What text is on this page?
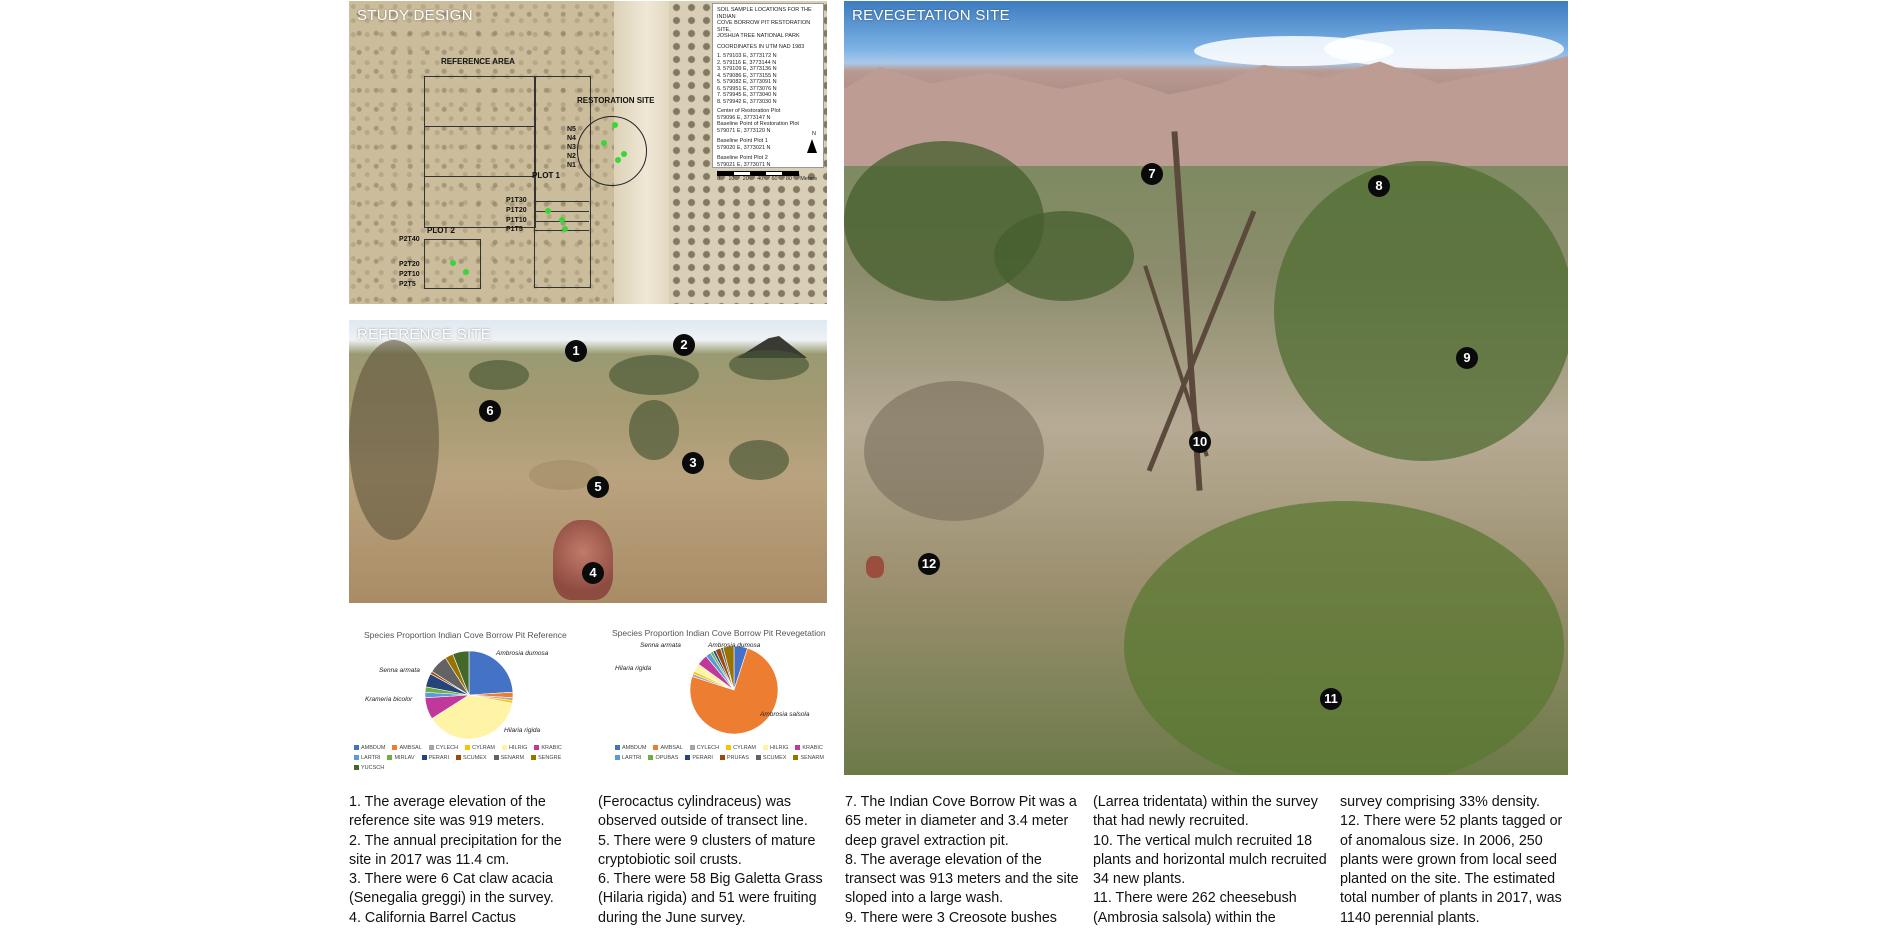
STUDY DESIGN
REFERENCE AREA
RESTORATION SITE
N5
N4
N3
N2
N1
PLOT 1
PLOT 2
P1T30
P1T20
P1T10
P1T5
P2T40
P2T20
P2T10
P2T5
SOIL SAMPLE LOCATIONS FOR THE INDIAN
COVE BORROW PIT RESTORATION SITE,
JOSHUA TREE NATIONAL PARK
COORDINATES IN UTM NAD 1983
1. 579103 E, 3773172 N
2. 579116 E, 3773144 N
3. 579109 E, 3773136 N
4. 579086 E, 3773155 N
5. 579082 E, 3773091 N
6. 579951 E, 3773076 N
7. 579945 E, 3773040 N
8. 579942 E, 3773030 N
Center of Restoration Plot
579096 E, 3773147 N
Baseline Point of Restoration Plot
579071 E, 3773120 N
Baseline Point Plot 1
579020 E, 3773021 N
Baseline Point Plot 2
579021 E, 3773071 N
0 10 20 40 60 80 Meters
N
REFERENCE SITE
1	2
3
4
5
6
Species Proportion Indian Cove Borrow Pit Reference
Ambrosia dumosa
Senna armata
Krameria bicolor
Hilaria rigida
AMBDUM	AMBSAL	CYLECH	CYLRAM	HILRIG	KRABICLARTRI	MIRLAV	PERARI	SCUMEX	SENARM	SENGREYUCSCH
Species Proportion Indian Cove Borrow Pit Revegetation
Senna armata	Ambrosia dumosa
Hilaria rigida
Ambrosia salsola
AMBDUM	AMBSAL	CYLECH	CYLRAM	HILRIG	KRABICLARTRI	OPUBAS	PERARI	PRUFAS	SCUMEX	SENARM
REVEGETATION SITE
7
8
9
10
11
12

1. The average elevation of the reference site was 919 meters.

2. The annual precipitation for the site in 2017 was 11.4 cm.

3. There were 6 Cat claw acacia (Senegalia greggi) in the survey.

4. California Barrel Cactus

(Ferocactus cylindraceus) was observed outside of transect line.

5. There were 9 clusters of mature cryptobiotic soil crusts.

6. There were 58 Big Galetta Grass (Hilaria rigida) and 51 were fruiting during the June survey.

7. The Indian Cove Borrow Pit was a 65 meter in diameter and 3.4 meter deep gravel extraction pit.

8. The average elevation of the transect was 913 meters and the site sloped into a large wash.

9. There were 3 Creosote bushes

(Larrea tridentata) within the survey that had newly recruited.

10. The vertical mulch recruited 18 plants and horizontal mulch recruited 34 new plants.

11. There were 262 cheesebush (Ambrosia salsola) within the

survey comprising 33% density.

12. There were 52 plants tagged or of anomalous size. In 2006, 250 plants were grown from local seed planted on the site. The estimated total number of plants in 2017, was 1140 perennial plants.
